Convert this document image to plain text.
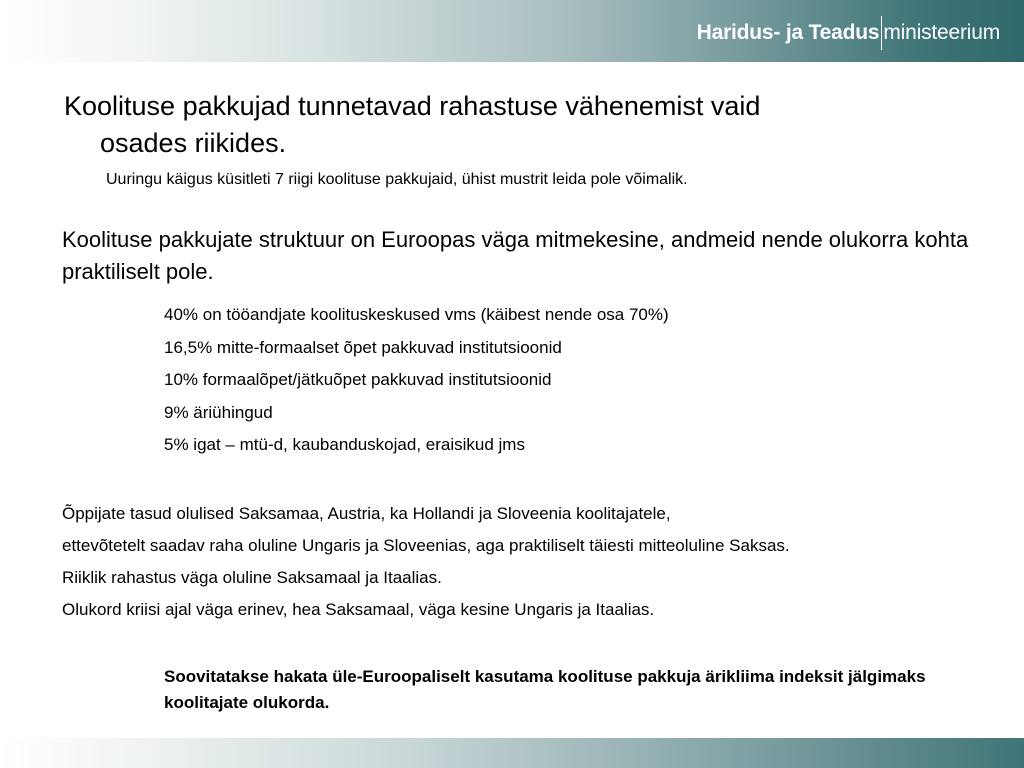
Haridus- ja Teadus ministeerium
Koolituse pakkujad tunnetavad rahastuse vähenemist vaid
osades riikides.
Uuringu käigus küsitleti 7 riigi koolituse pakkujaid, ühist mustrit leida pole võimalik.
Koolituse pakkujate struktuur on Euroopas väga mitmekesine, andmeid nende olukorra kohta praktiliselt pole.
40% on tööandjate koolituskeskused vms (käibest nende osa 70%)
16,5% mitte-formaalset õpet pakkuvad institutsioonid
10% formaalõpet/jätkuõpet pakkuvad institutsioonid
9% äriühingud
5% igat – mtü-d, kaubanduskojad, eraisikud jms
Õppijate tasud olulised Saksamaa, Austria, ka Hollandi ja Sloveenia koolitajatele,
ettevõtetelt saadav raha oluline Ungaris ja Sloveenias, aga praktiliselt täiesti mitteoluline Saksas.
Riiklik rahastus väga oluline Saksamaal ja Itaalias.
Olukord kriisi ajal väga erinev, hea Saksamaal, väga kesine Ungaris ja Itaalias.
Soovitatakse hakata üle-Euroopaliselt kasutama koolituse pakkuja ärikliima indeksit jälgimaks koolitajate olukorda.
